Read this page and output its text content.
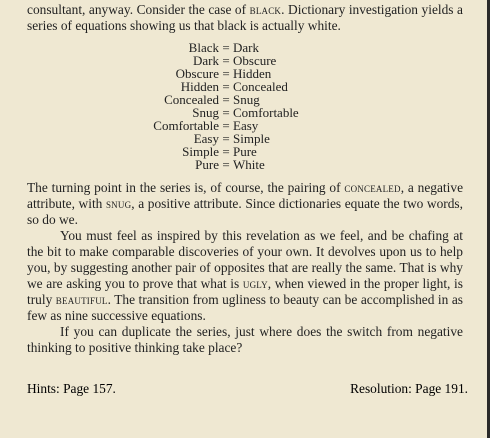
consultant, anyway. Consider the case of black. Dictionary investigation yields a series of equations showing us that black is actually white.

Black = Dark
Dark = Obscure
Obscure = Hidden
Hidden = Concealed
Concealed = Snug
Snug = Comfortable
Comfortable = Easy
Easy = Simple
Simple = Pure
Pure = White

The turning point in the series is, of course, the pairing of concealed, a negative attribute, with snug, a positive attribute. Since dictionaries equate the two words, so do we.

You must feel as inspired by this revelation as we feel, and be chafing at the bit to make comparable discoveries of your own. It devolves upon us to help you, by suggesting another pair of opposites that are really the same. That is why we are asking you to prove that what is ugly, when viewed in the proper light, is truly beautiful. The transition from ugliness to beauty can be accomplished in as few as nine successive equations.

If you can duplicate the series, just where does the switch from negative thinking to positive thinking take place?

Hints: Page 157.	Resolution: Page 191.
